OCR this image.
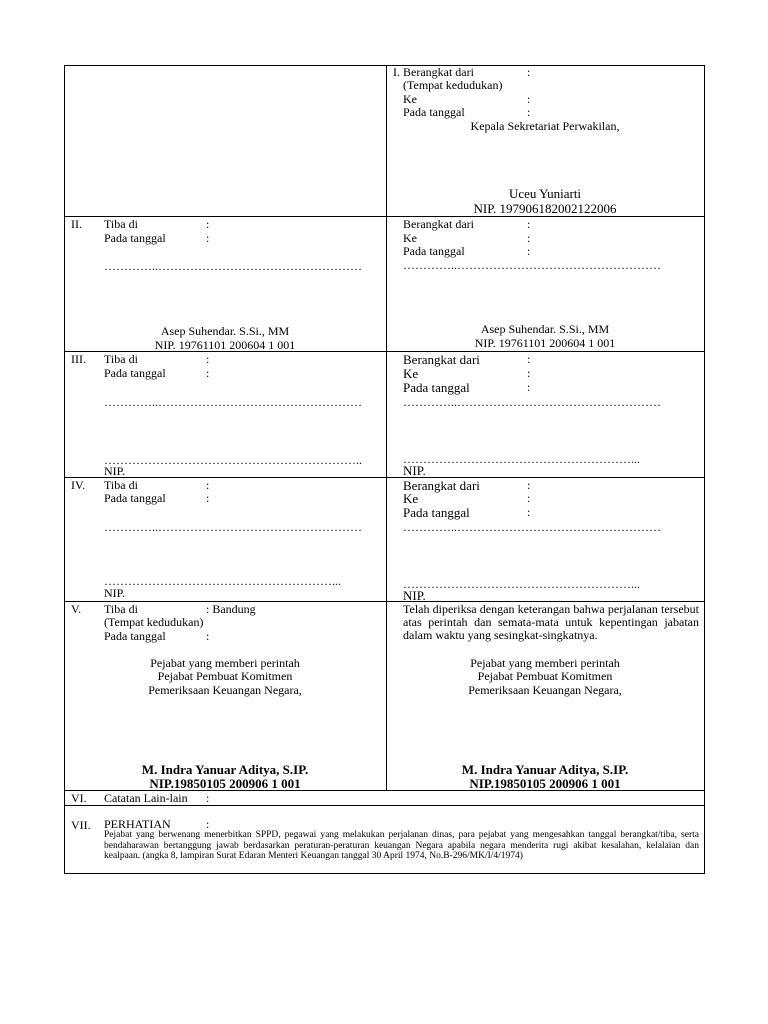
I. Berangkat dari	:
(Tempat kedudukan)
Ke	:
Pada tanggal	:
Kepala Sekretariat Perwakilan,
Uceu Yuniarti
NIP. 197906182002122006
II. Tiba di	:
Pada tanggal	:
…………..……………………………………………
Asep Suhendar. S.Si., MM
NIP. 19761101 200604 1 001
Berangkat dari	:
Ke	:
Pada tanggal	:
…………..……………………………………………
Asep Suhendar. S.Si., MM
NIP. 19761101 200604 1 001
III. Tiba di	:
Pada tanggal	:
…………..……………………………………………
………………………………………………………..
NIP.
Berangkat dari	:
Ke	:
Pada tanggal	:
…………..……………………………………………
…………………………………………………...
NIP.
IV. Tiba di	:
Pada tanggal	:
…………..……………………………………………
…………………………………………………...
NIP.
Berangkat dari	:
Ke	:
Pada tanggal	:
…………..……………………………………………
…………………………………………………...
NIP.
V. Tiba di	: Bandung
(Tempat kedudukan)
Pada tanggal	:
Pejabat yang memberi perintah
Pejabat Pembuat Komitmen
Pemeriksaan Keuangan Negara,
M. Indra Yanuar Aditya, S.IP.
NIP.19850105 200906 1 001
Telah diperiksa dengan keterangan bahwa perjalanan tersebut atas perintah dan semata-mata untuk kepentingan jabatan dalam waktu yang sesingkat-singkatnya.
Pejabat yang memberi perintah
Pejabat Pembuat Komitmen
Pemeriksaan Keuangan Negara,
M. Indra Yanuar Aditya, S.IP.
NIP.19850105 200906 1 001
VI. Catatan Lain-lain :
VII. PERHATIAN	:
Pejabat yang berwenang menerbitkan SPPD, pegawai yang melakukan perjalanan dinas, para pejabat yang mengesahkan tanggal berangkat/tiba, serta bendaharawan bertanggung jawab berdasarkan peraturan-peraturan keuangan Negara apabila negara menderita rugi akibat kesalahan, kelalaian dan kealpaan. (angka 8, lampiran Surat Edaran Menteri Keuangan tanggal 30 April 1974, No.B-296/MK/I/4/1974)
